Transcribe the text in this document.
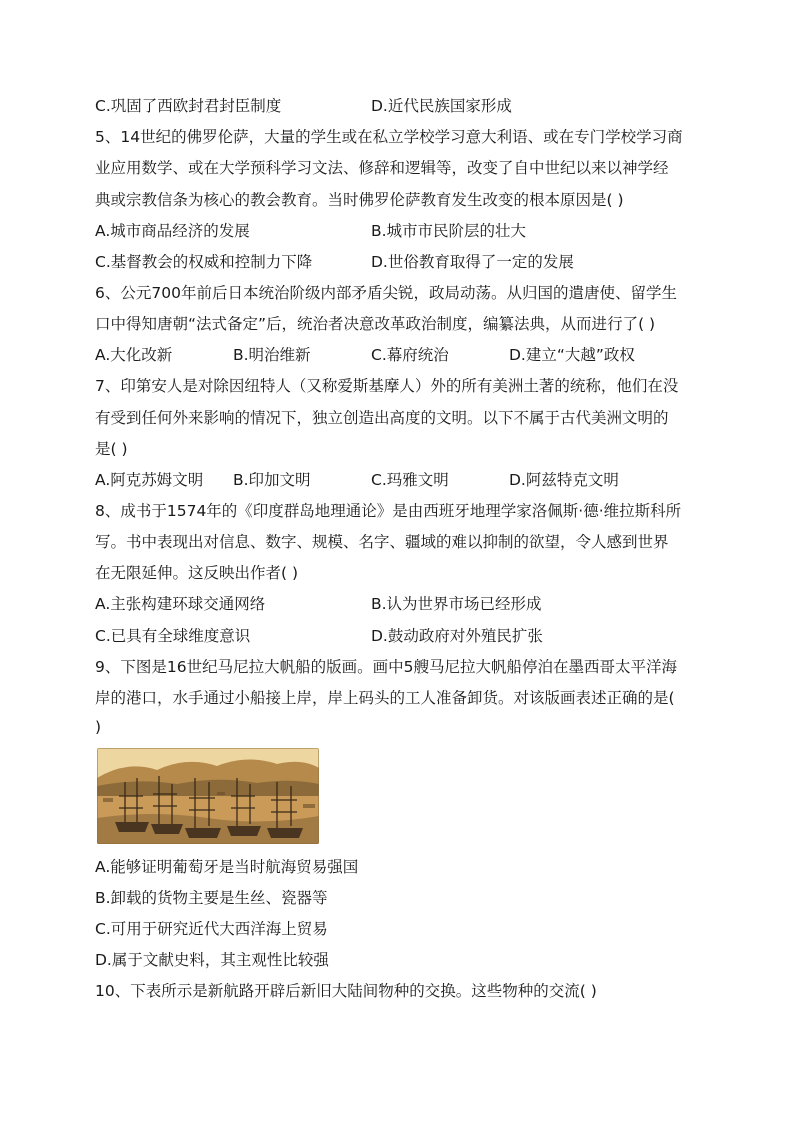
C.巩固了西欧封君封臣制度	D.近代民族国家形成
5、14世纪的佛罗伦萨，大量的学生或在私立学校学习意大利语、或在专门学校学习商
业应用数学、或在大学预科学习文法、修辞和逻辑等，改变了自中世纪以来以神学经
典或宗教信条为核心的教会教育。当时佛罗伦萨教育发生改变的根本原因是( )
A.城市商品经济的发展	B.城市市民阶层的壮大
C.基督教会的权威和控制力下降	D.世俗教育取得了一定的发展
6、公元700年前后日本统治阶级内部矛盾尖锐，政局动荡。从归国的遣唐使、留学生
口中得知唐朝“法式备定”后，统治者决意改革政治制度，编纂法典，从而进行了( )
A.大化改新	B.明治维新	C.幕府统治	D.建立“大越”政权
7、印第安人是对除因纽特人（又称爱斯基摩人）外的所有美洲土著的统称，他们在没
有受到任何外来影响的情况下，独立创造出高度的文明。以下不属于古代美洲文明的
是( )
A.阿克苏姆文明 B.印加文明	C.玛雅文明	D.阿兹特克文明
8、成书于1574年的《印度群岛地理通论》是由西班牙地理学家洛佩斯·德·维拉斯科所
写。书中表现出对信息、数字、规模、名字、疆域的难以抑制的欲望，令人感到世界
在无限延伸。这反映出作者( )
A.主张构建环球交通网络	B.认为世界市场已经形成
C.已具有全球维度意识	D.鼓动政府对外殖民扩张
9、下图是16世纪马尼拉大帆船的版画。画中5艘马尼拉大帆船停泊在墨西哥太平洋海
岸的港口，水手通过小船接上岸，岸上码头的工人准备卸货。对该版画表述正确的是(
)
A.能够证明葡萄牙是当时航海贸易强国
B.卸载的货物主要是生丝、瓷器等
C.可用于研究近代大西洋海上贸易
D.属于文献史料，其主观性比较强
10、下表所示是新航路开辟后新旧大陆间物种的交换。这些物种的交流( )
